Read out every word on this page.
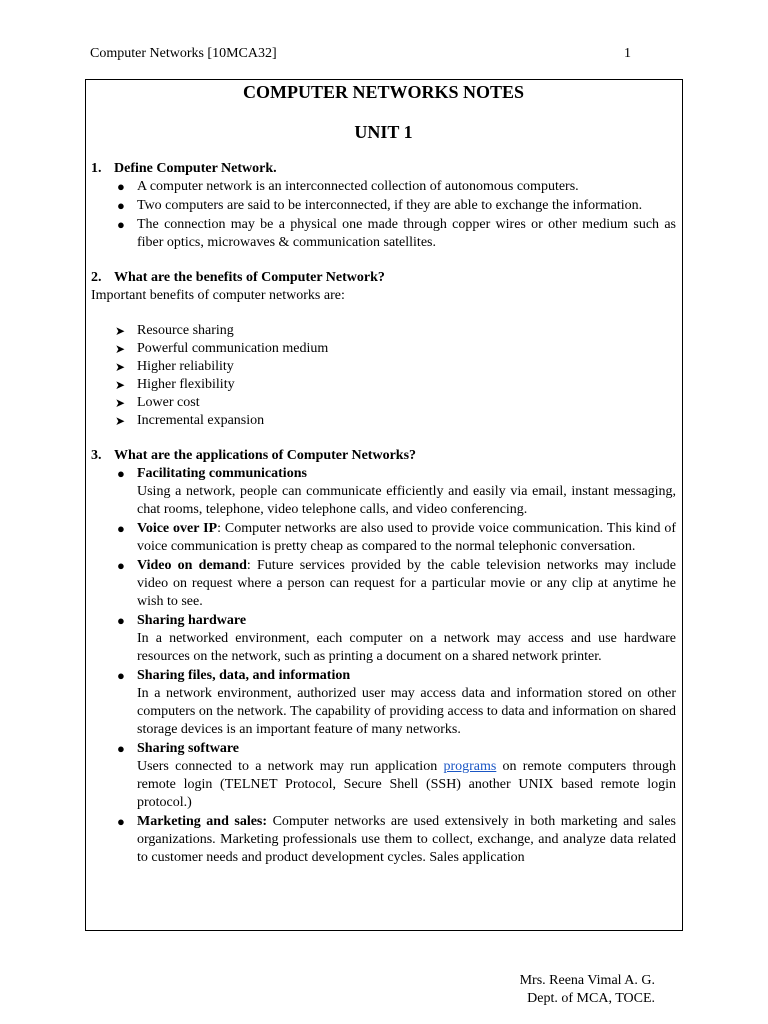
Computer Networks [10MCA32]	1
COMPUTER NETWORKS NOTES
UNIT 1

1. Define Computer Network.

● A computer network is an interconnected collection of autonomous computers.
● Two computers are said to be interconnected, if they are able to exchange the information.
● The connection may be a physical one made through copper wires or other medium such as fiber optics, microwaves & communication satellites.

2. What are the benefits of Computer Network?

Important benefits of computer networks are:

➤ Resource sharing
➤ Powerful communication medium
➤ Higher reliability
➤ Higher flexibility
➤ Lower cost
➤ Incremental expansion

3. What are the applications of Computer Networks?

● Facilitating communications
Using a network, people can communicate efficiently and easily via email, instant messaging, chat rooms, telephone, video telephone calls, and video conferencing.
● Voice over IP: Computer networks are also used to provide voice communication. This kind of voice communication is pretty cheap as compared to the normal telephonic conversation.
● Video on demand: Future services provided by the cable television networks may include video on request where a person can request for a particular movie or any clip at anytime he wish to see.
● Sharing hardware
In a networked environment, each computer on a network may access and use hardware resources on the network, such as printing a document on a shared network printer.
● Sharing files, data, and information
In a network environment, authorized user may access data and information stored on other computers on the network. The capability of providing access to data and information on shared storage devices is an important feature of many networks.
● Sharing software
Users connected to a network may run application programs on remote computers through remote login (TELNET Protocol, Secure Shell (SSH) another UNIX based remote login protocol.)
● Marketing and sales: Computer networks are used extensively in both marketing and sales organizations. Marketing professionals use them to collect, exchange, and analyze data related to customer needs and product development cycles. Sales application
Mrs. Reena Vimal A. G.
Dept. of MCA, TOCE.
